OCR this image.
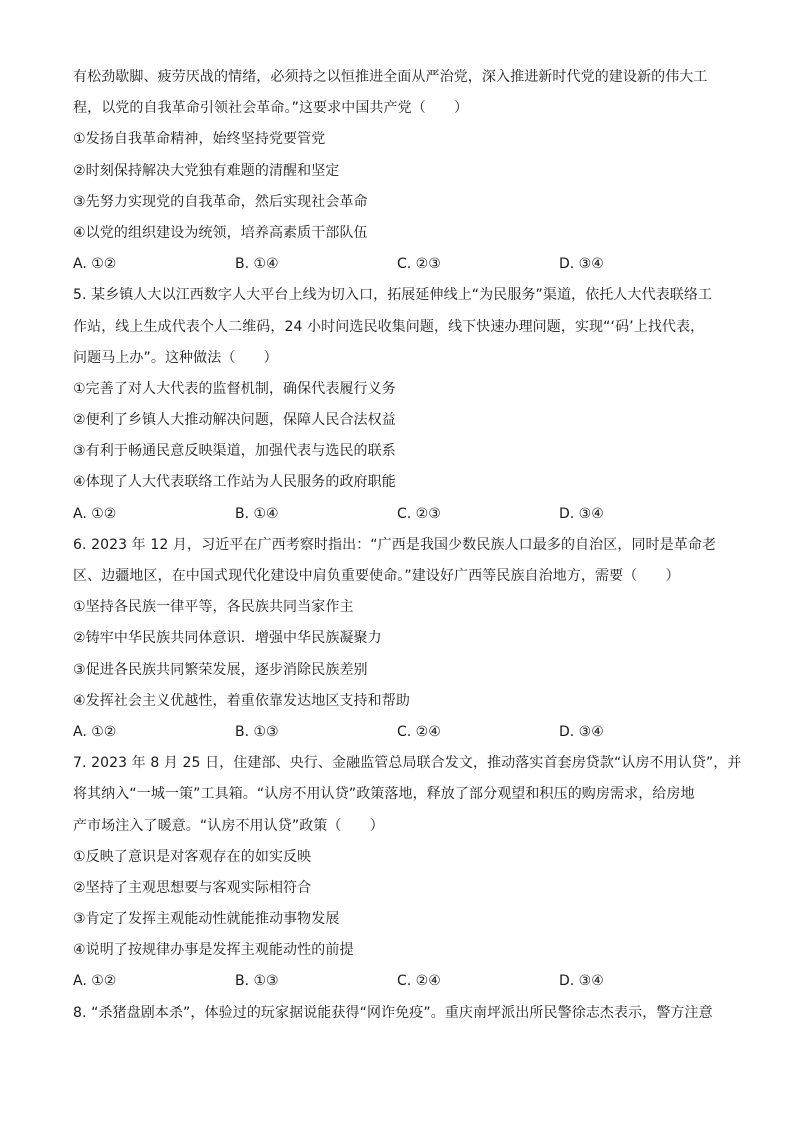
有松劲歇脚、疲劳厌战的情绪，必须持之以恒推进全面从严治党，深入推进新时代党的建设新的伟大工
程，以党的自我革命引领社会革命。”这要求中国共产党（　　）
①发扬自我革命精神，始终坚持党要管党
②时刻保持解决大党独有难题的清醒和坚定
③先努力实现党的自我革命，然后实现社会革命
④以党的组织建设为统领，培养高素质干部队伍
A. ①②	B. ①④	C. ②③	D. ③④
5. 某乡镇人大以江西数字人大平台上线为切入口，拓展延伸线上“为民服务”渠道，依托人大代表联络工
作站，线上生成代表个人二维码，24 小时问选民收集问题，线下快速办理问题，实现“‘码’上找代表，
问题马上办”。这种做法（　　）
①完善了对人大代表的监督机制，确保代表履行义务
②便利了乡镇人大推动解决问题，保障人民合法权益
③有利于畅通民意反映渠道，加强代表与选民的联系
④体现了人大代表联络工作站为人民服务的政府职能
A. ①②	B. ①④	C. ②③	D. ③④
6. 2023 年 12 月，习近平在广西考察时指出：“广西是我国少数民族人口最多的自治区，同时是革命老
区、边疆地区，在中国式现代化建设中肩负重要使命。”建设好广西等民族自治地方，需要（　　）
①坚持各民族一律平等，各民族共同当家作主
②铸牢中华民族共同体意识．增强中华民族凝聚力
③促进各民族共同繁荣发展，逐步消除民族差别
④发挥社会主义优越性，着重依靠发达地区支持和帮助
A. ①②	B. ①③	C. ②④	D. ③④
7. 2023 年 8 月 25 日，住建部、央行、金融监管总局联合发文，推动落实首套房贷款“认房不用认贷”，并
将其纳入“一城一策”工具箱。“认房不用认贷”政策落地，释放了部分观望和积压的购房需求，给房地
产市场注入了暖意。“认房不用认贷”政策（　　）
①反映了意识是对客观存在的如实反映
②坚持了主观思想要与客观实际相符合
③肯定了发挥主观能动性就能推动事物发展
④说明了按规律办事是发挥主观能动性的前提
A. ①②	B. ①③	C. ②④	D. ③④
8. “杀猪盘剧本杀”，体验过的玩家据说能获得“网诈免疫”。重庆南坪派出所民警徐志杰表示，警方注意
